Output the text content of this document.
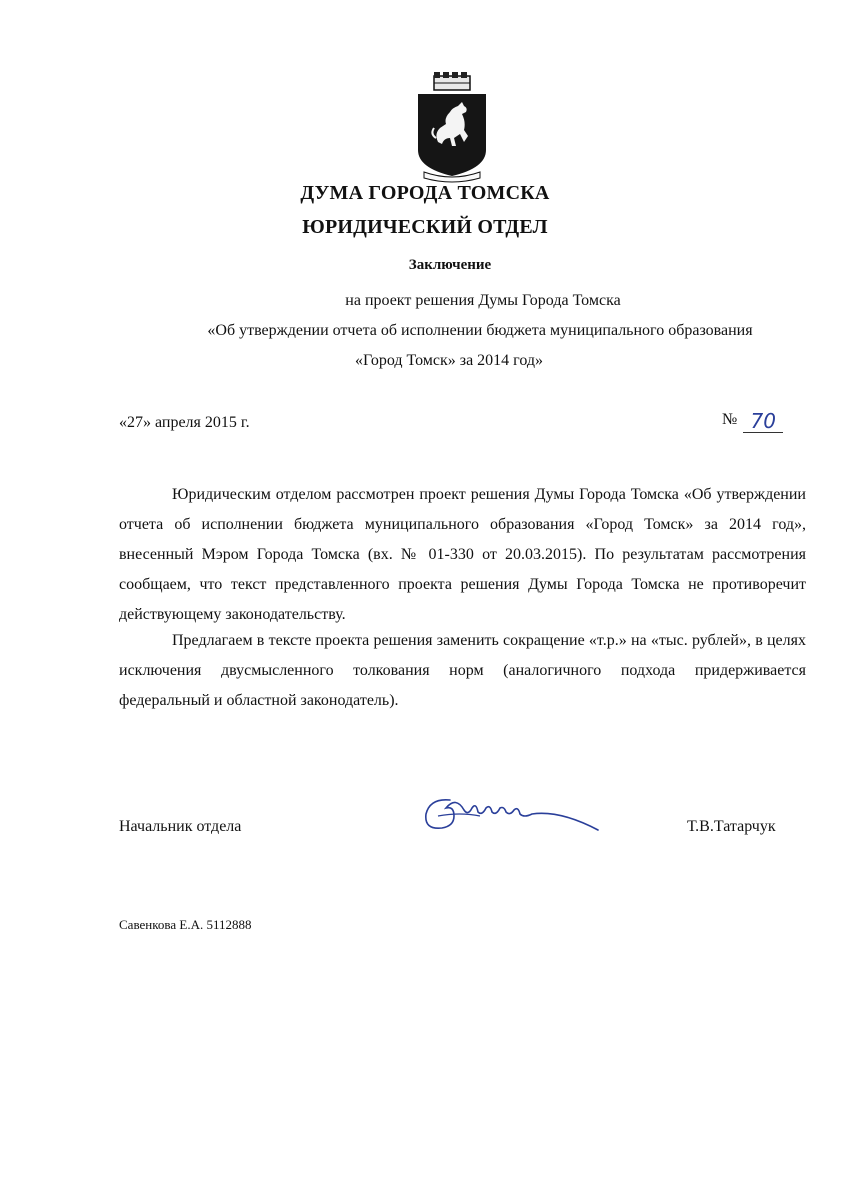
ДУМА ГОРОДА ТОМСКА
ЮРИДИЧЕСКИЙ ОТДЕЛ
Заключение
на проект решения Думы Города Томска
«Об утверждении отчета об исполнении бюджета муниципального образования
«Город Томск» за 2014 год»
«27» апреля 2015 г.	№ 70
Юридическим отделом рассмотрен проект решения Думы Города Томска «Об утверждении отчета об исполнении бюджета муниципального образования «Город Томск» за 2014 год», внесенный Мэром Города Томска (вх. № 01-330 от 20.03.2015). По результатам рассмотрения сообщаем, что текст представленного проекта решения Думы Города Томска не противоречит действующему законодательству.
Предлагаем в тексте проекта решения заменить сокращение «т.р.» на «тыс. рублей», в целях исключения двусмысленного толкования норм (аналогичного подхода придерживается федеральный и областной законодатель).
Начальник отдела	Т.В.Татарчук
Савенкова Е.А. 5112888
